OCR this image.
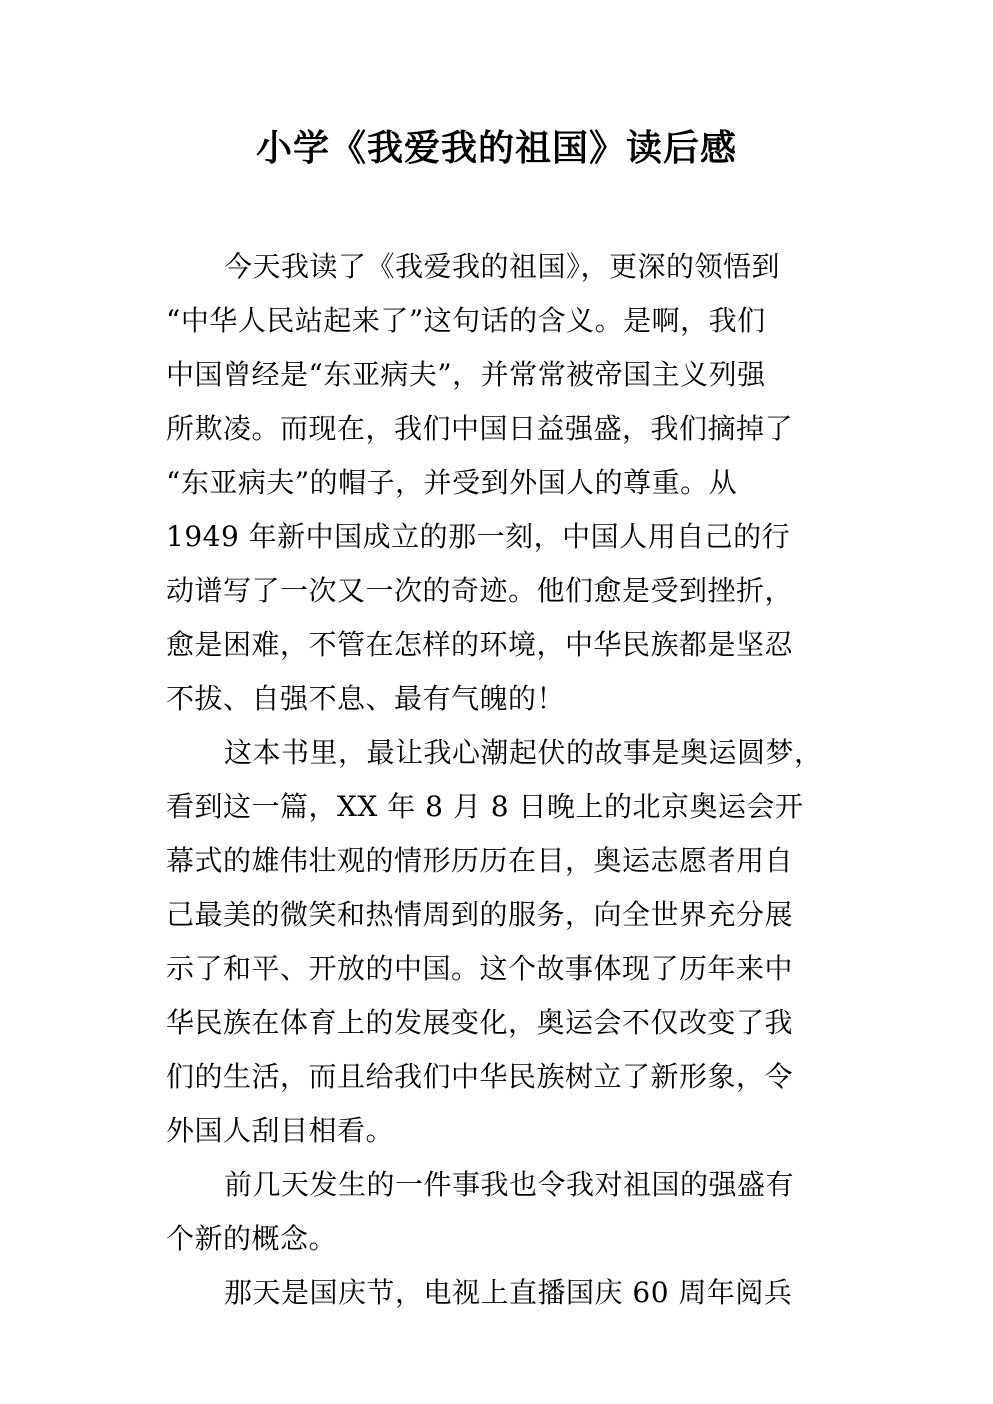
小学《我爱我的祖国》读后感
今天我读了《我爱我的祖国》，更深的领悟到
“中华人民站起来了”这句话的含义。是啊，我们
中国曾经是“东亚病夫”，并常常被帝国主义列强
所欺凌。而现在，我们中国日益强盛，我们摘掉了
“东亚病夫”的帽子，并受到外国人的尊重。从
1949 年新中国成立的那一刻，中国人用自己的行
动谱写了一次又一次的奇迹。他们愈是受到挫折，
愈是困难，不管在怎样的环境，中华民族都是坚忍
不拔、自强不息、最有气魄的！
这本书里，最让我心潮起伏的故事是奥运圆梦，
看到这一篇，XX 年 8 月 8 日晚上的北京奥运会开
幕式的雄伟壮观的情形历历在目，奥运志愿者用自
己最美的微笑和热情周到的服务，向全世界充分展
示了和平、开放的中国。这个故事体现了历年来中
华民族在体育上的发展变化，奥运会不仅改变了我
们的生活，而且给我们中华民族树立了新形象，令
外国人刮目相看。
前几天发生的一件事我也令我对祖国的强盛有
个新的概念。
那天是国庆节，电视上直播国庆 60 周年阅兵
